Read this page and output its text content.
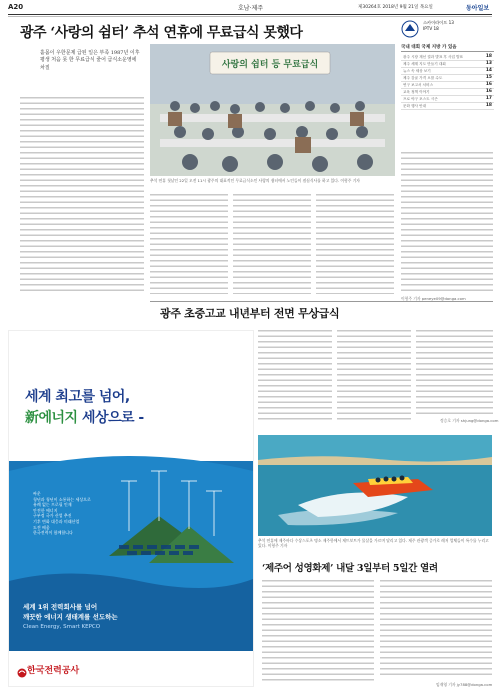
A20	호남·제주	제30264호 2018년 9월 21일 목요일	동아일보
광주 ‘사랑의 쉼터’ 추석 연휴에 무료급식 못했다
홀몸이 우한문제 급된 일은 부족 1987년 이후 평생 처음 못 한 무료급식 줄어 급식소운영에 차질	사랑의 쉼터 등 무료급식
추석 연휴 첫날인 22일 오전 11시 광주의 대표적인 무료급식소인 사랑의 쉼터에서 노인들이 점심식사를 하고 있다. 이형주 기자
이형주 기자 peneye09@donga.com
스카이라이프 13
IPTV 18
국내 대회 국제 지방 가 있음
광주 시장 재선 결과 발표 후 사업 발표	18
제주 세계 지도 만들기 대회	13
뉴스 속 세상 보기	14
제주 감귤 가격 오를 수도	15
연구 보고서 서비스	16
교육 정책 이야기	16
프로 야구 포스트 시즌	17
문화 행사 안내	18
광주 초중고교 내년부터 전면 무상급식
정승호 기자 shjung@donga.com
세계 최고를 넘어,
新에너지 세상으로 -
싸운
청년과 청년이 소통하는 세상으로
유례 없는 프로필 인재
안전한 에너지
구부정 국가 산업 추진
기후 변화 대응과 미래산업
도전 배움
한국전력이 함께합니다
세계 1위 전력회사를 넘어
깨끗한 에너지 생태계를 선도하는
Clean Energy, Smart KEPCO
한국전력공사
추석 연휴에 제주바다 수상스포츠 명소 제주항에서 제트보트가 물살을 가르며 달리고 있다. 제주 관광객 증가로 레저 업체들이 특수를 누리고 있다. 이형주 기자
‘제주어 성영화제’ 내달 3일부터 5일간 열려
임재영 기자 jy788@donga.com
